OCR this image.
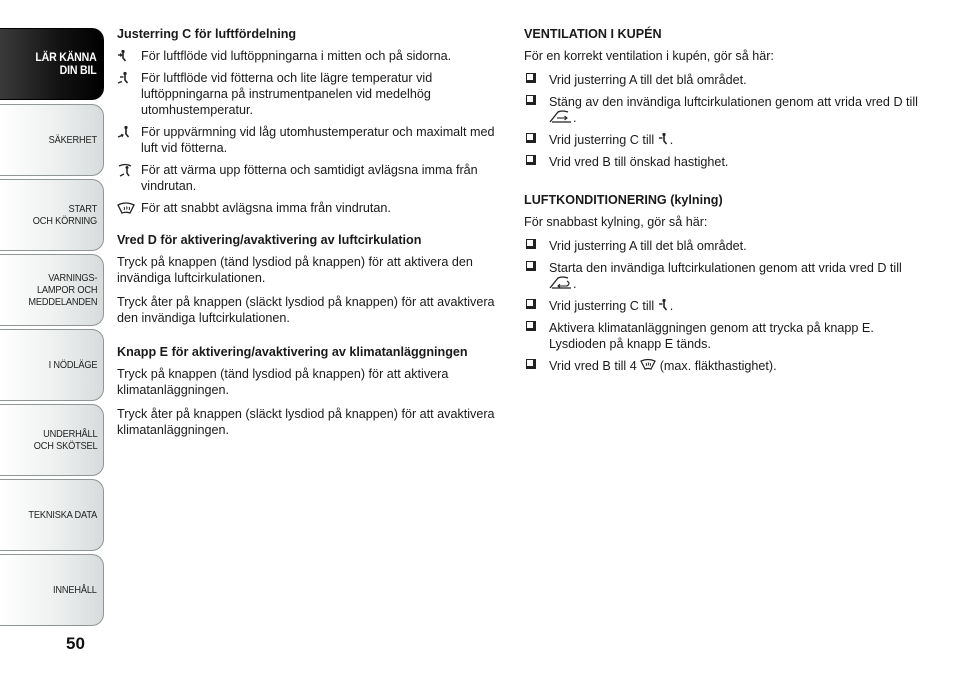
LÄR KÄNNA
DIN BIL
SÄKERHET
START
OCH KÖRNING
VARNINGS-
LAMPOR OCH
MEDDELANDEN
I NÖDLÄGE
UNDERHÅLL
OCH SKÖTSEL
TEKNISKA DATA
INNEHÅLL
50
Justerring C för luftfördelning
För luftflöde vid luftöppningarna i mitten och på sidorna.
För luftflöde vid fötterna och lite lägre temperatur vid luftöppningarna på instrumentpanelen vid medelhög utomhustemperatur.
För uppvärmning vid låg utomhustemperatur och maximalt med luft vid fötterna.
För att värma upp fötterna och samtidigt avlägsna imma från vindrutan.
För att snabbt avlägsna imma från vindrutan.
Vred D för aktivering/avaktivering av luftcirkulation
Tryck på knappen (tänd lysdiod på knappen) för att aktivera den invändiga luftcirkulationen.
Tryck åter på knappen (släckt lysdiod på knappen) för att avaktivera den invändiga luftcirkulationen.
Knapp E för aktivering/avaktivering av klimatanläggningen
Tryck på knappen (tänd lysdiod på knappen) för att aktivera klimatanläggningen.
Tryck åter på knappen (släckt lysdiod på knappen) för att avaktivera klimatanläggningen.
VENTILATION I KUPÉN
För en korrekt ventilation i kupén, gör så här:
Vrid justerring A till det blå området.
Stäng av den invändiga luftcirkulationen genom att vrida vred D till .
Vrid justerring C till .
Vrid vred B till önskad hastighet.
LUFTKONDITIONERING (kylning)
För snabbast kylning, gör så här:
Vrid justerring A till det blå området.
Starta den invändiga luftcirkulationen genom att vrida vred D till .
Vrid justerring C till .
Aktivera klimatanläggningen genom att trycka på knapp E. Lysdioden på knapp E tänds.
Vrid vred B till 4  (max. fläkthastighet).
